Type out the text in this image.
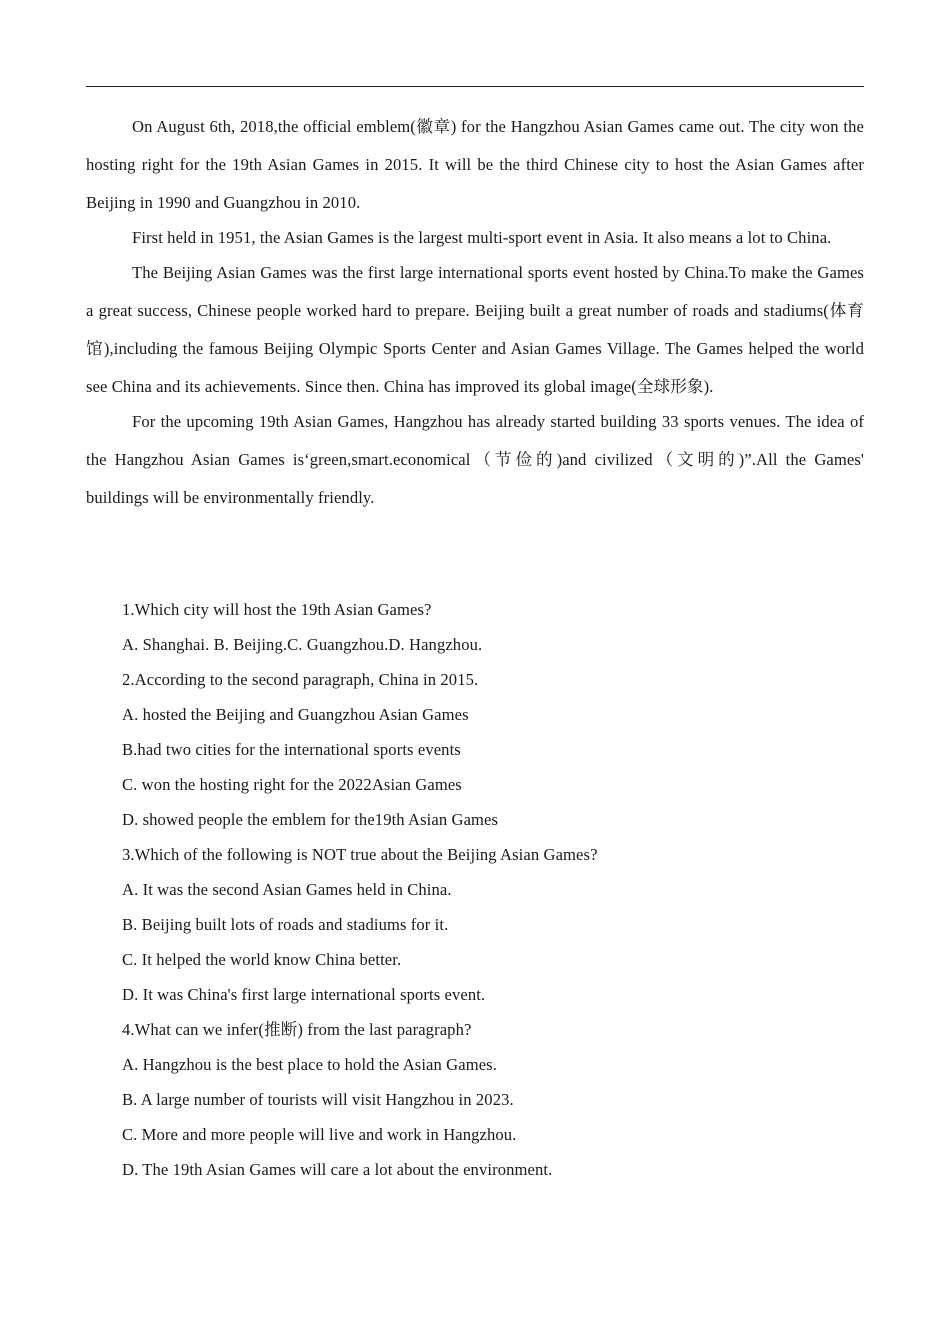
On August 6th, 2018,the official emblem(徽章) for the Hangzhou Asian Games came out. The city won the hosting right for the 19th Asian Games in 2015. It will be the third Chinese city to host the Asian Games after Beijing in 1990 and Guangzhou in 2010.

First held in 1951, the Asian Games is the largest multi-sport event in Asia. It also means a lot to China.

The Beijing Asian Games was the first large international sports event hosted by China.To make the Games a great success, Chinese people worked hard to prepare. Beijing built a great number of roads and stadiums(体育馆),including the famous Beijing Olympic Sports Center and Asian Games Village. The Games helped the world see China and its achievements. Since then. China has improved its global image(全球形象).

For the upcoming 19th Asian Games, Hangzhou has already started building 33 sports venues. The idea of the Hangzhou Asian Games is‘green,smart.economical（节俭的)and civilized（文明的)”.All the Games' buildings will be environmentally friendly.

1.Which city will host the 19th Asian Games?
A. Shanghai. B. Beijing.C. Guangzhou.D. Hangzhou.
2.According to the second paragraph, China in 2015.
A. hosted the Beijing and Guangzhou Asian Games
B.had two cities for the international sports events
C. won the hosting right for the 2022Asian Games
D. showed people the emblem for the19th Asian Games
3.Which of the following is NOT true about the Beijing Asian Games?
A. It was the second Asian Games held in China.
B. Beijing built lots of roads and stadiums for it.
C. It helped the world know China better.
D. It was China's first large international sports event.
4.What can we infer(推断) from the last paragraph?
A. Hangzhou is the best place to hold the Asian Games.
B. A large number of tourists will visit Hangzhou in 2023.
C. More and more people will live and work in Hangzhou.
D. The 19th Asian Games will care a lot about the environment.
